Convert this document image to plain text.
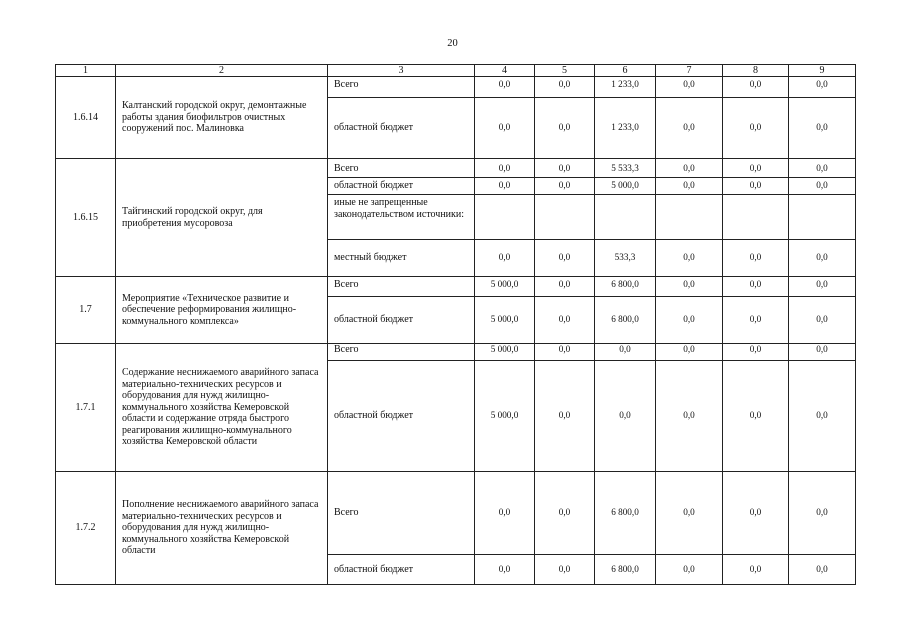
20
1	2	3	4	5	6	7	8	9
1.6.14	Калтанский городской округ, демонтажные работы здания биофильтров очистных сооружений пос. Малиновка	Всего	0,0	0,0	1 233,0	0,0	0,0	0,0
		областной бюджет	0,0	0,0	1 233,0	0,0	0,0	0,0
1.6.15	Тайгинский городской округ, для приобретения мусоровоза	Всего	0,0	0,0	5 533,3	0,0	0,0	0,0
		областной бюджет	0,0	0,0	5 000,0	0,0	0,0	0,0
		иные не запрещенные законодательством источники:						
		местный бюджет	0,0	0,0	533,3	0,0	0,0	0,0
1.7	Мероприятие «Техническое развитие и обеспечение реформирования жилищно-коммунального комплекса»	Всего	5 000,0	0,0	6 800,0	0,0	0,0	0,0
		областной бюджет	5 000,0	0,0	6 800,0	0,0	0,0	0,0
1.7.1	Содержание неснижаемого аварийного запаса материально-технических ресурсов и оборудования для нужд жилищно-коммунального хозяйства Кемеровской области и содержание отряда быстрого реагирования жилищно-коммунального хозяйства Кемеровской области	Всего	5 000,0	0,0	0,0	0,0	0,0	0,0
		областной бюджет	5 000,0	0,0	0,0	0,0	0,0	0,0
1.7.2	Пополнение неснижаемого аварийного запаса материально-технических ресурсов и оборудования для нужд жилищно-коммунального хозяйства Кемеровской области	Всего	0,0	0,0	6 800,0	0,0	0,0	0,0
		областной бюджет	0,0	0,0	6 800,0	0,0	0,0	0,0
